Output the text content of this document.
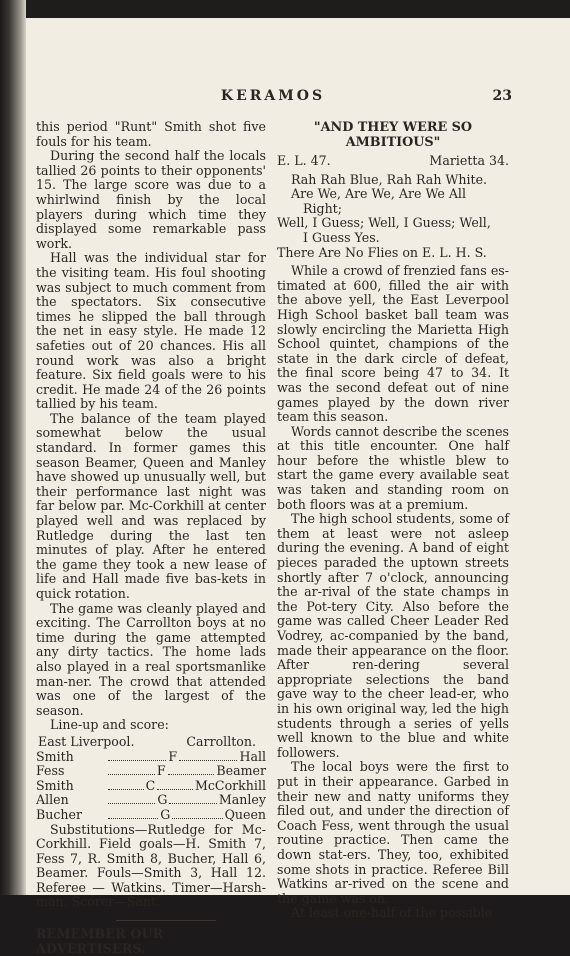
KERAMOS	23

this period "Runt" Smith shot five fouls for his team.

During the second half the locals tallied 26 points to their opponents' 15. The large score was due to a whirlwind finish by the local players during which time they displayed some remarkable pass work.

Hall was the individual star for the visiting team. His foul shooting was subject to much comment from the spectators. Six consecutive times he slipped the ball through the net in easy style. He made 12 safeties out of 20 chances. His all round work was also a bright feature. Six field goals were to his credit. He made 24 of the 26 points tallied by his team.

The balance of the team played somewhat below the usual standard. In former games this season Beamer, Queen and Manley have showed up unusually well, but their performance last night was far below par. Mc-Corkhill at center played well and was replaced by Rutledge during the last ten minutes of play. After he entered the game they took a new lease of life and Hall made five bas-kets in quick rotation.

The game was cleanly played and exciting. The Carrollton boys at no time during the game attempted any dirty tactics. The home lads also played in a real sportsmanlike man-ner. The crowd that attended was one of the largest of the season.

Line-up and score:

East Liverpool.	Carrollton.
Smith	F	Hall
Fess	F	Beamer
Smith	C	McCorkhill
Allen	G	Manley
Bucher	G	Queen

Substitutions—Rutledge for Mc-Corkhill. Field goals—H. Smith 7, Fess 7, R. Smith 8, Bucher, Hall 6, Beamer. Fouls—Smith 3, Hall 12. Referee — Watkins. Timer—Harsh-man. Scorer—Sant.

REMEMBER OUR ADVERTISERS.
"AND THEY WERE SO AMBITIOUS"
E. L. 47.	Marietta 34.
Rah Rah Blue, Rah Rah White.
Are We, Are We, Are We All
Right;
Well, I Guess; Well, I Guess; Well,
I Guess Yes.
There Are No Flies on E. L. H. S.

While a crowd of frenzied fans es-timated at 600, filled the air with the above yell, the East Leverpool High School basket ball team was slowly encircling the Marietta High School quintet, champions of the state in the dark circle of defeat, the final score being 47 to 34. It was the second defeat out of nine games played by the down river team this season.

Words cannot describe the scenes at this title encounter. One half hour before the whistle blew to start the game every available seat was taken and standing room on both floors was at a premium.

The high school students, some of them at least were not asleep during the evening. A band of eight pieces paraded the uptown streets shortly after 7 o'clock, announcing the ar-rival of the state champs in the Pot-tery City. Also before the game was called Cheer Leader Red Vodrey, ac-companied by the band, made their appearance on the floor. After ren-dering several appropriate selections the band gave way to the cheer lead-er, who in his own original way, led the high students through a series of yells well known to the blue and white followers.

The local boys were the first to put in their appearance. Garbed in their new and natty uniforms they filed out, and under the direction of Coach Fess, went through the usual routine practice. Then came the down stat-ers. They, too, exhibited some shots in practice. Referee Bill Watkins ar-rived on the scene and the game was on.

At least one-half of the possible
